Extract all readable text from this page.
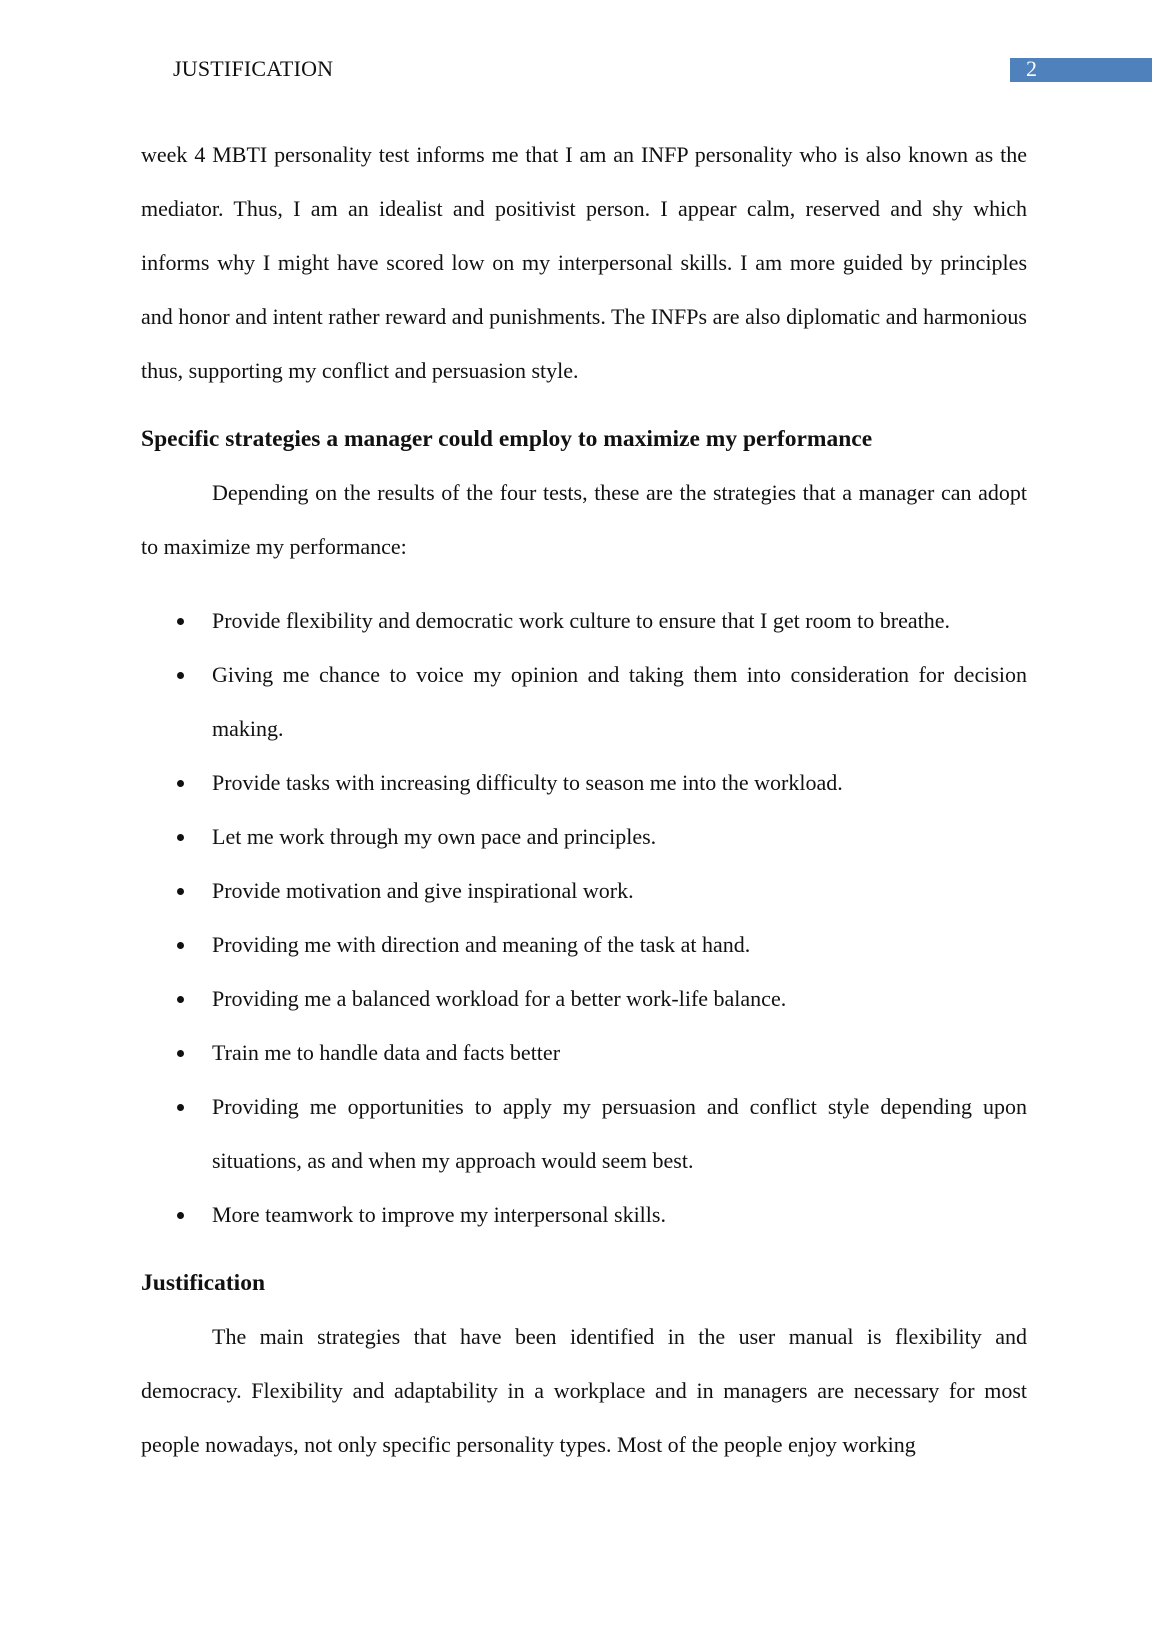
JUSTIFICATION	2

week 4 MBTI personality test informs me that I am an INFP personality who is also known as the mediator. Thus, I am an idealist and positivist person. I appear calm, reserved and shy which informs why I might have scored low on my interpersonal skills. I am more guided by principles and honor and intent rather reward and punishments. The INFPs are also diplomatic and harmonious thus, supporting my conflict and persuasion style.

Specific strategies a manager could employ to maximize my performance

Depending on the results of the four tests, these are the strategies that a manager can adopt to maximize my performance:

Provide flexibility and democratic work culture to ensure that I get room to breathe.
Giving me chance to voice my opinion and taking them into consideration for decision making.
Provide tasks with increasing difficulty to season me into the workload.
Let me work through my own pace and principles.
Provide motivation and give inspirational work.
Providing me with direction and meaning of the task at hand.
Providing me a balanced workload for a better work-life balance.
Train me to handle data and facts better
Providing me opportunities to apply my persuasion and conflict style depending upon situations, as and when my approach would seem best.
More teamwork to improve my interpersonal skills.
Justification

The main strategies that have been identified in the user manual is flexibility and democracy. Flexibility and adaptability in a workplace and in managers are necessary for most people nowadays, not only specific personality types. Most of the people enjoy working
